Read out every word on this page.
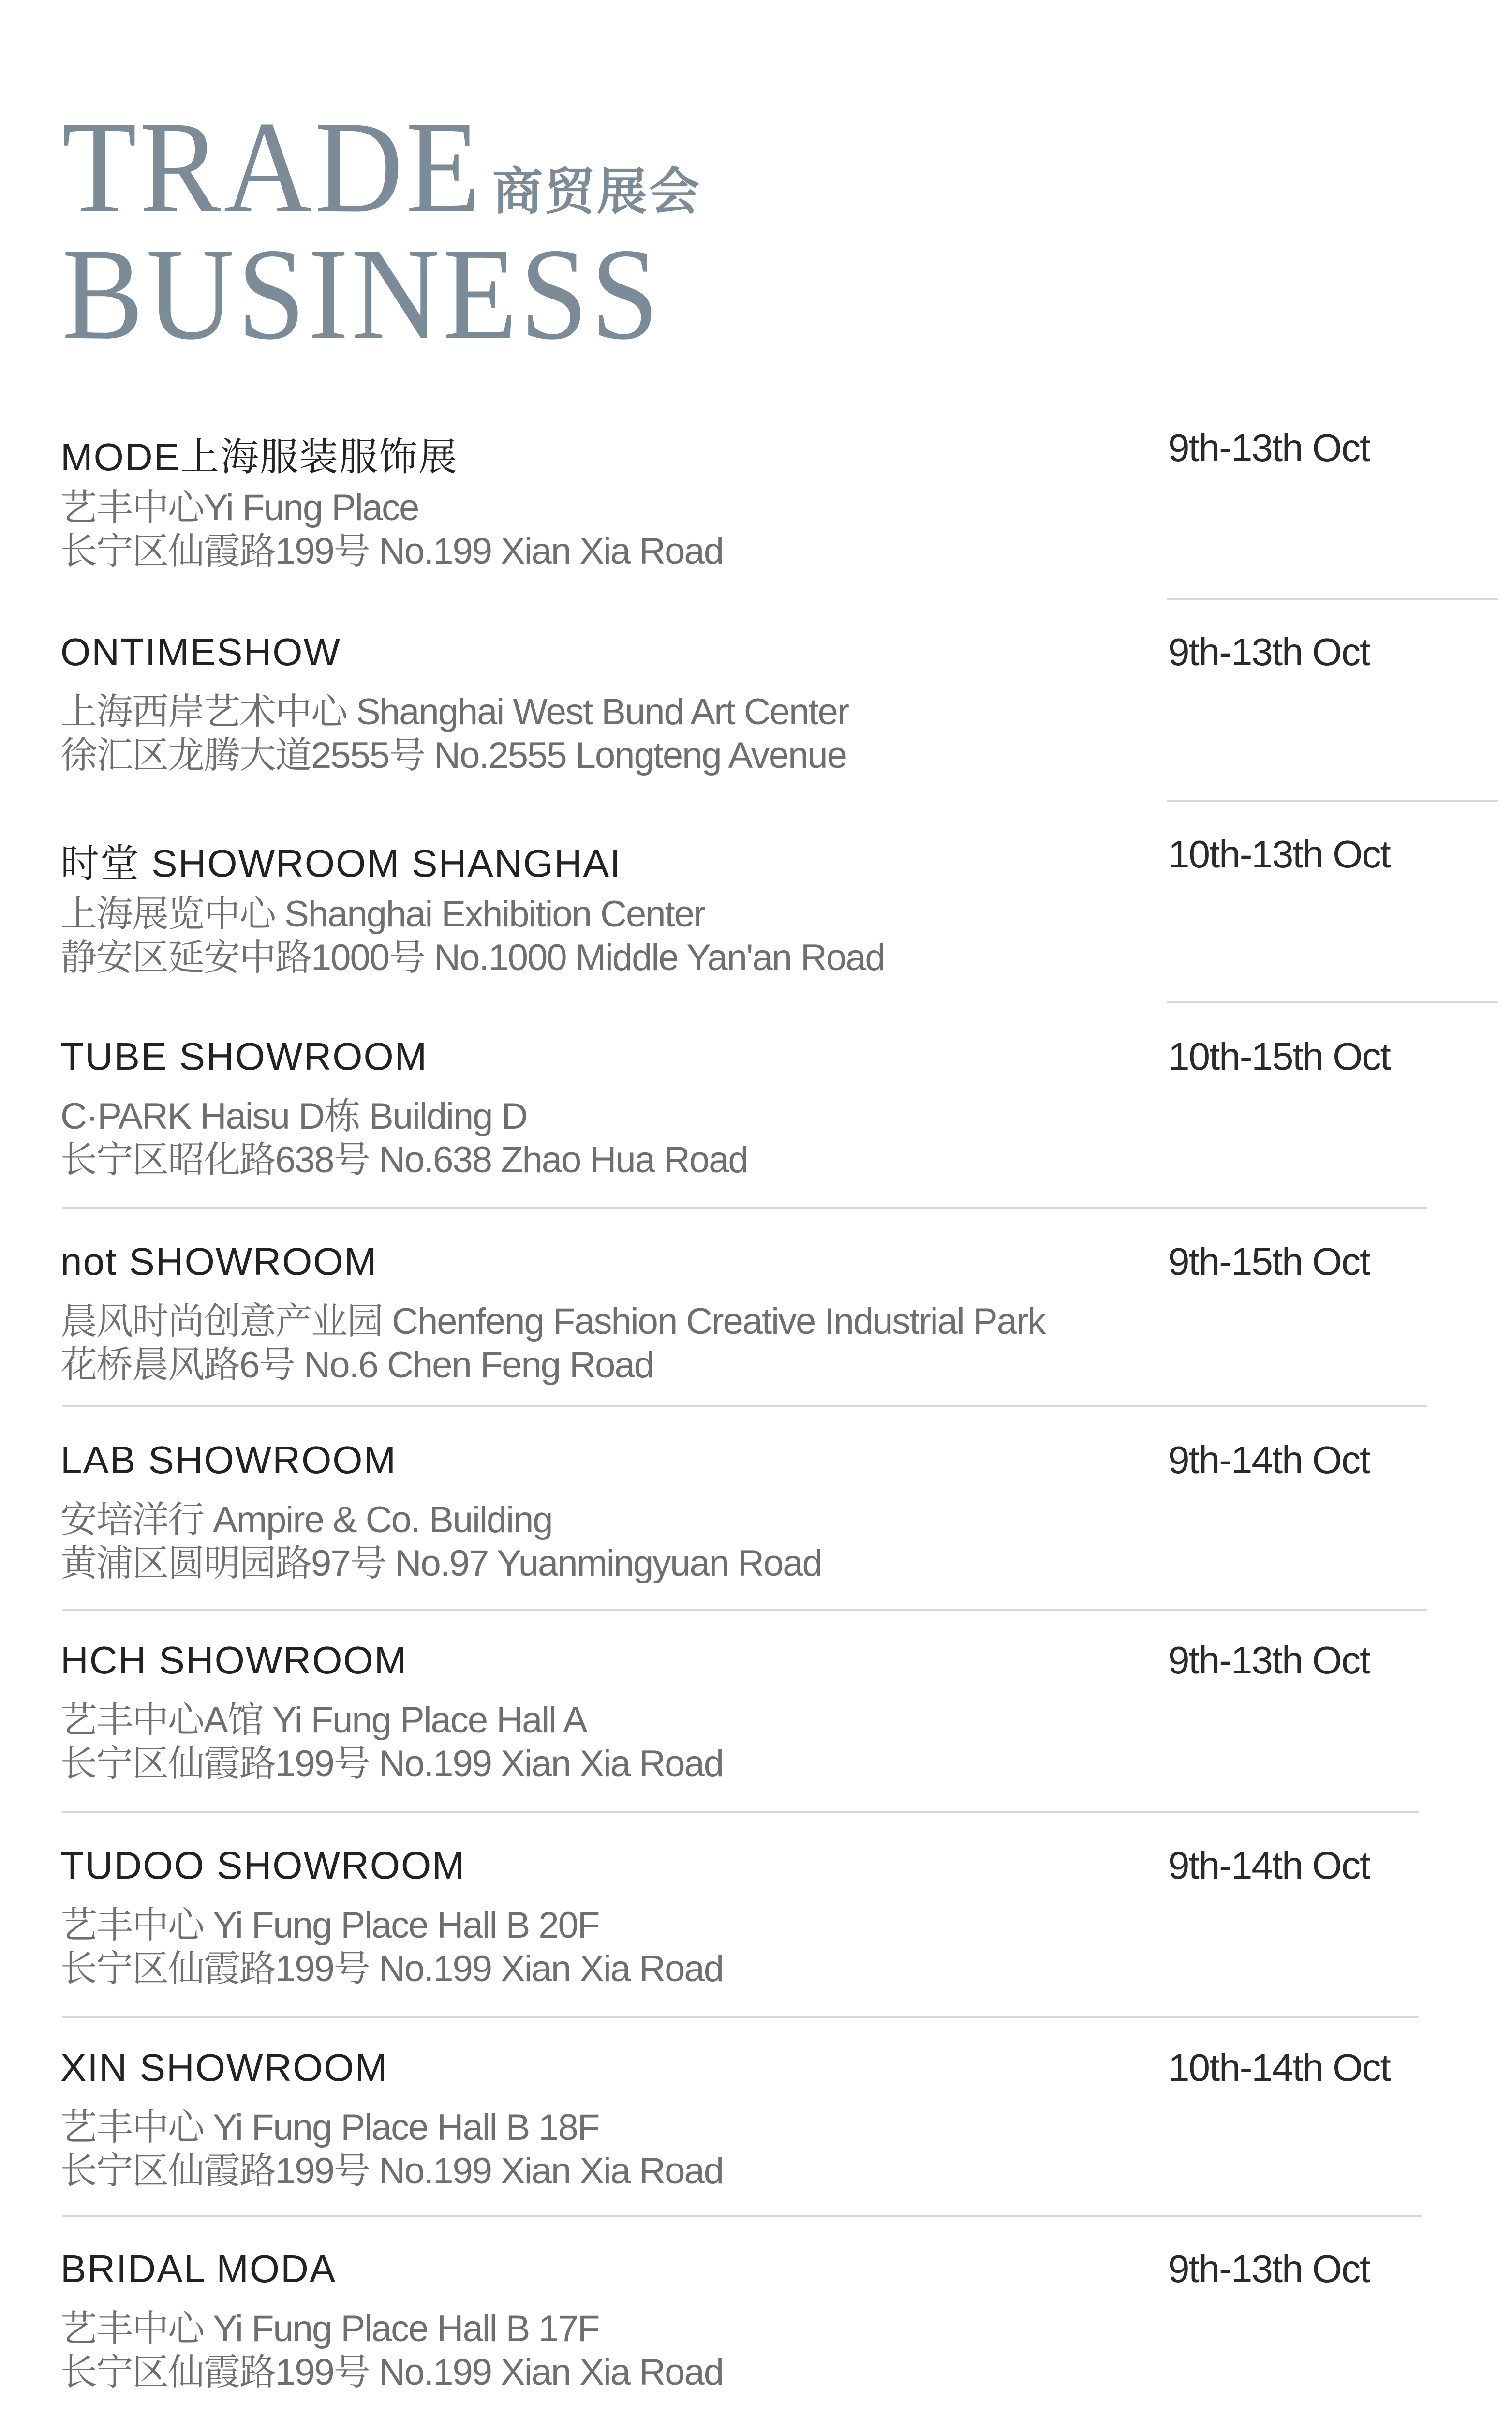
TRADE 商贸展会
BUSINESS
MODE上海服装服饰展
艺丰中心Yi Fung Place
长宁区仙霞路199号 No.199 Xian Xia Road
9th-13th Oct
ONTIMESHOW
上海西岸艺术中心 Shanghai West Bund Art Center
徐汇区龙腾大道2555号 No.2555 Longteng Avenue
9th-13th Oct
时堂 SHOWROOM SHANGHAI
上海展览中心 Shanghai Exhibition Center
静安区延安中路1000号 No.1000 Middle Yan'an Road
10th-13th Oct
TUBE SHOWROOM
C·PARK Haisu D栋 Building D
长宁区昭化路638号 No.638 Zhao Hua Road
10th-15th Oct
not SHOWROOM
晨风时尚创意产业园 Chenfeng Fashion Creative Industrial Park
花桥晨风路6号 No.6 Chen Feng Road
9th-15th Oct
LAB SHOWROOM
安培洋行 Ampire & Co. Building
黄浦区圆明园路97号 No.97 Yuanmingyuan Road
9th-14th Oct
HCH SHOWROOM
艺丰中心A馆 Yi Fung Place Hall A
长宁区仙霞路199号 No.199 Xian Xia Road
9th-13th Oct
TUDOO SHOWROOM
艺丰中心 Yi Fung Place Hall B 20F
长宁区仙霞路199号 No.199 Xian Xia Road
9th-14th Oct
XIN SHOWROOM
艺丰中心 Yi Fung Place Hall B 18F
长宁区仙霞路199号 No.199 Xian Xia Road
10th-14th Oct
BRIDAL MODA
艺丰中心 Yi Fung Place Hall B 17F
长宁区仙霞路199号 No.199 Xian Xia Road
9th-13th Oct
